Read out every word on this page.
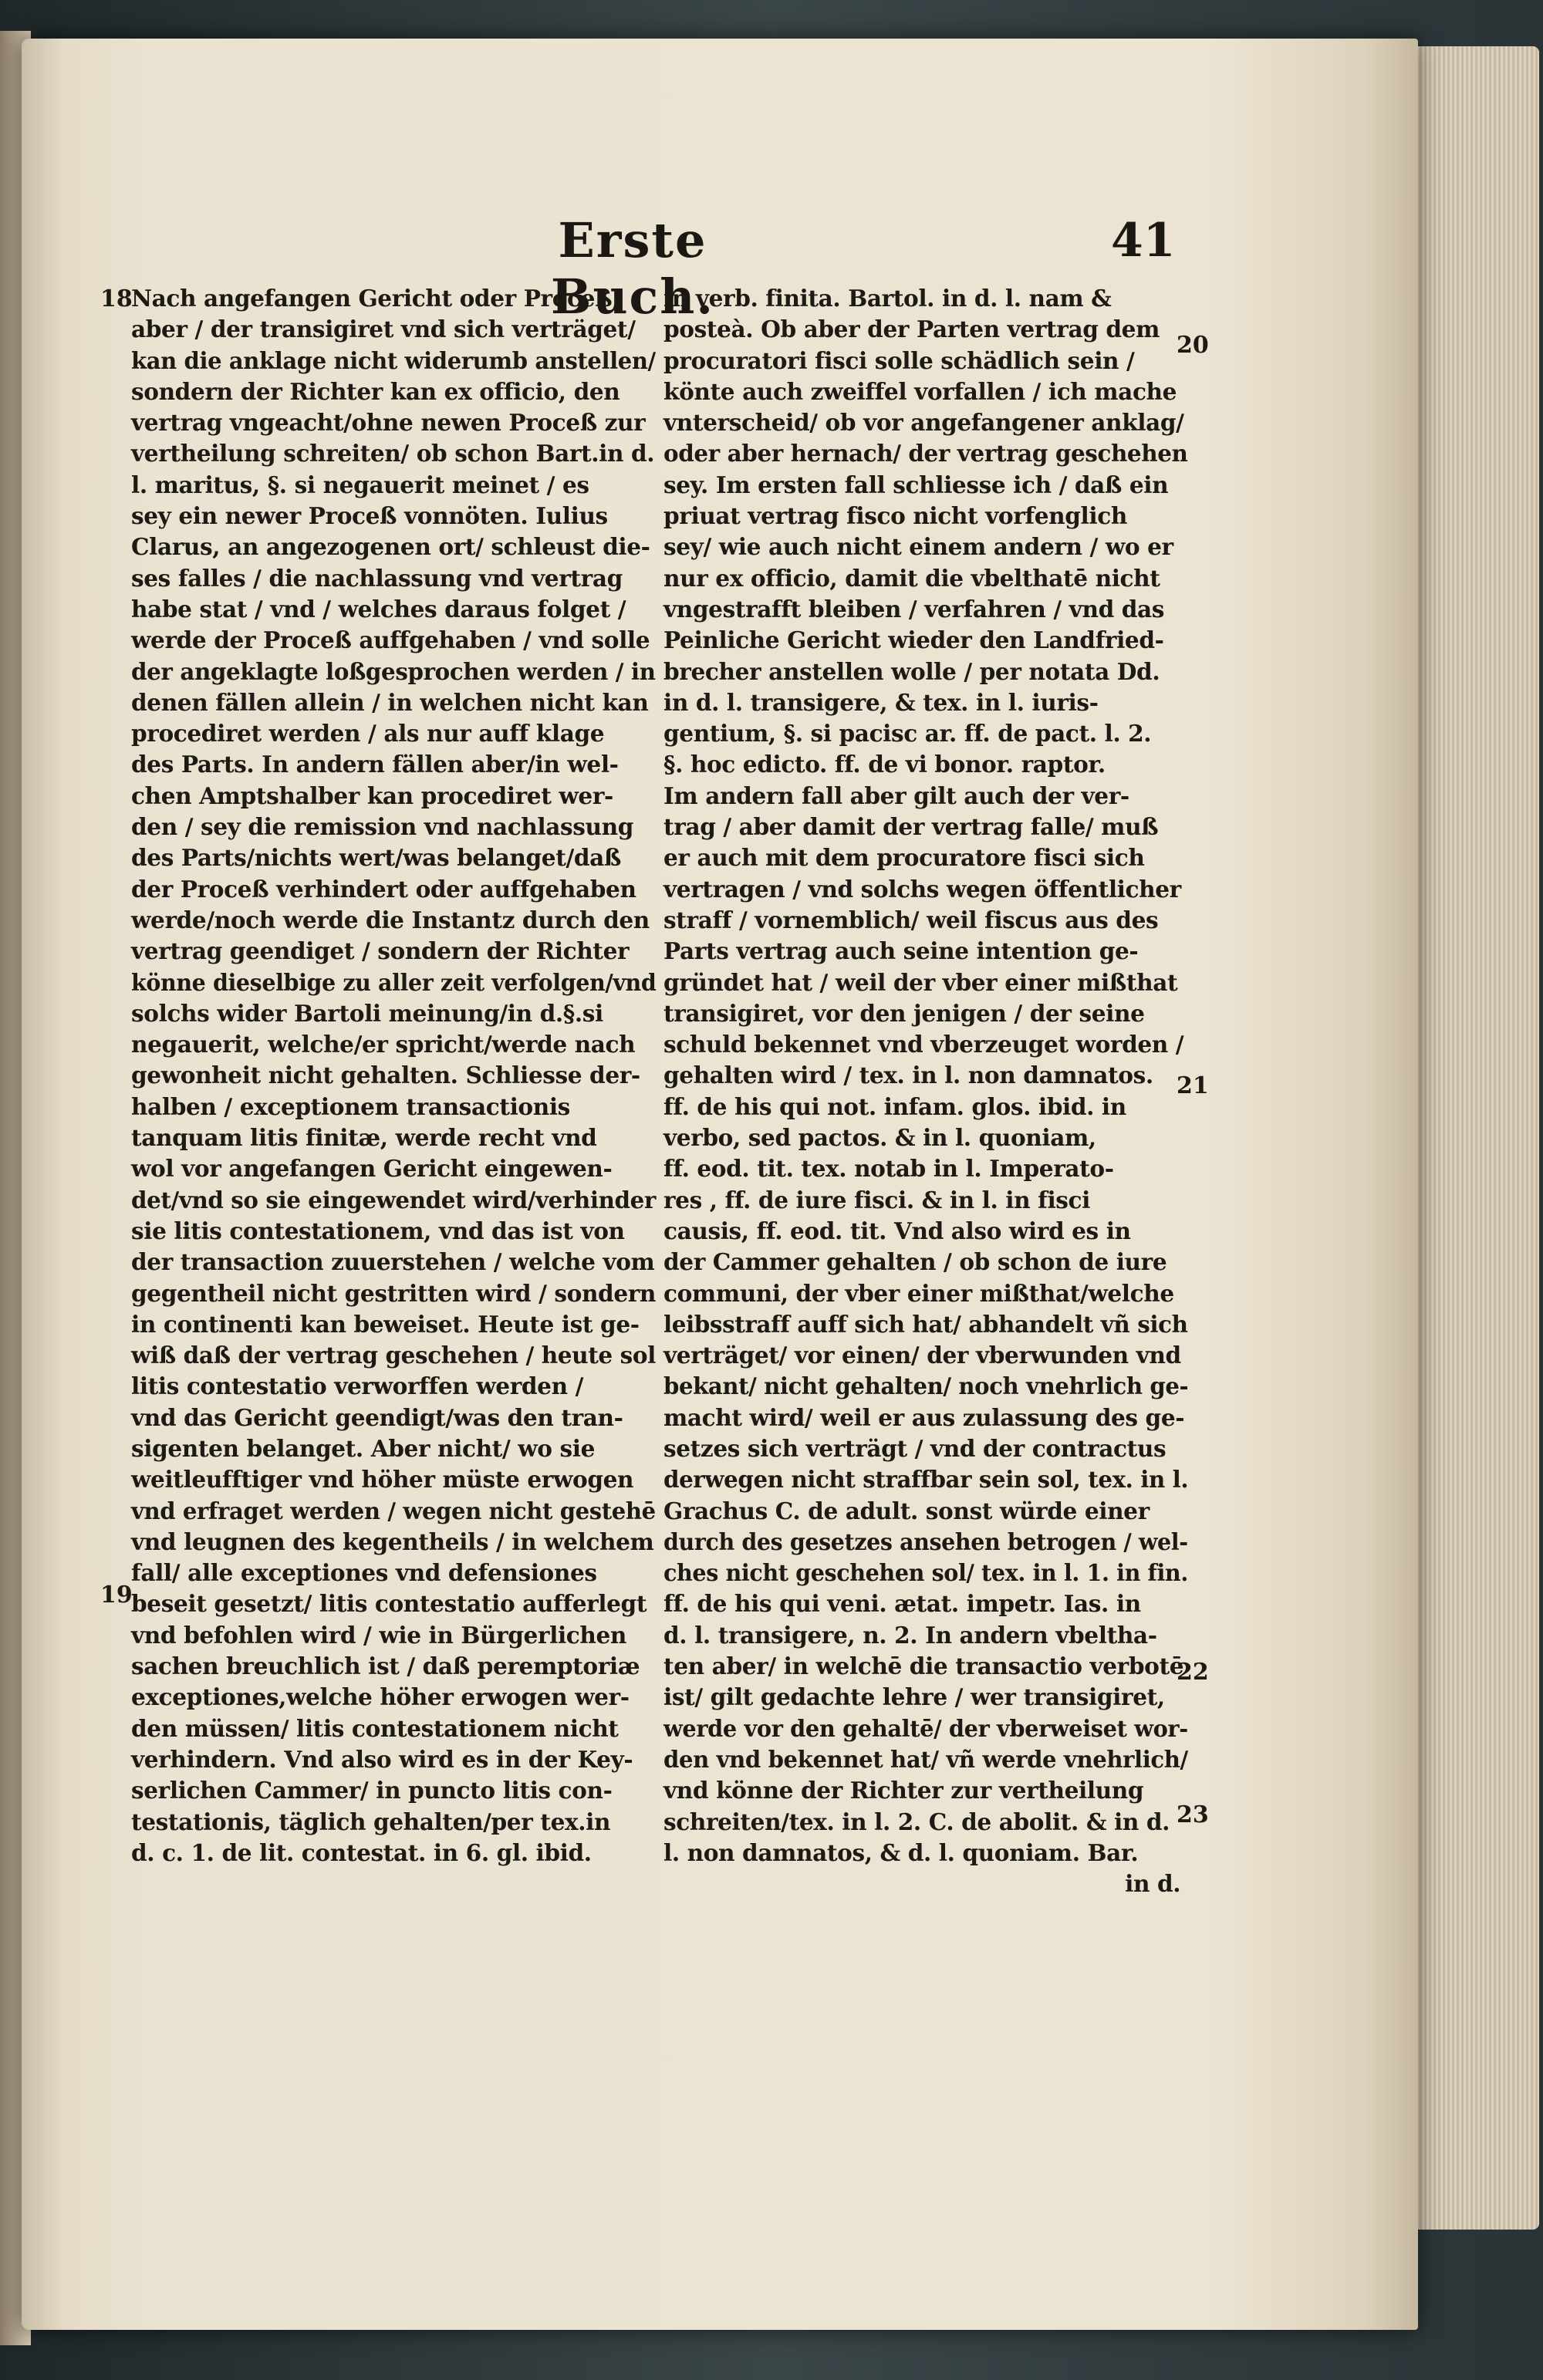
Erste Buch.
41
18
19
20
21
22
23
Nach angefangen Gericht oder Proceß
aber / der transigiret vnd sich verträget/
kan die anklage nicht widerumb anstellen/
sondern der Richter kan ex officio, den
vertrag vngeacht/ohne newen Proceß zur
vertheilung schreiten/ ob schon Bart.in d.
l. maritus, §. si negauerit meinet / es
sey ein newer Proceß vonnöten. Iulius
Clarus, an angezogenen ort/ schleust die-
ses falles / die nachlassung vnd vertrag
habe stat / vnd / welches daraus folget /
werde der Proceß auffgehaben / vnd solle
der angeklagte loßgesprochen werden / in
denen fällen allein / in welchen nicht kan
procediret werden / als nur auff klage
des Parts. In andern fällen aber/in wel-
chen Amptshalber kan procediret wer-
den / sey die remission vnd nachlassung
des Parts/nichts wert/was belanget/daß
der Proceß verhindert oder auffgehaben
werde/noch werde die Instantz durch den
vertrag geendiget / sondern der Richter
könne dieselbige zu aller zeit verfolgen/vnd
solchs wider Bartoli meinung/in d.§.si
negauerit, welche/er spricht/werde nach
gewonheit nicht gehalten. Schliesse der-
halben / exceptionem transactionis
tanquam litis finitæ, werde recht vnd
wol vor angefangen Gericht eingewen-
det/vnd so sie eingewendet wird/verhinder
sie litis contestationem, vnd das ist von
der transaction zuuerstehen / welche vom
gegentheil nicht gestritten wird / sondern
in continenti kan beweiset. Heute ist ge-
wiß daß der vertrag geschehen / heute sol
litis contestatio verworffen werden /
vnd das Gericht geendigt/was den tran-
sigenten belanget. Aber nicht/ wo sie
weitleufftiger vnd höher müste erwogen
vnd erfraget werden / wegen nicht gestehē
vnd leugnen des kegentheils / in welchem
fall/ alle exceptiones vnd defensiones
beseit gesetzt/ litis contestatio aufferlegt
vnd befohlen wird / wie in Bürgerlichen
sachen breuchlich ist / daß peremptoriæ
exceptiones,welche höher erwogen wer-
den müssen/ litis contestationem nicht
verhindern. Vnd also wird es in der Key-
serlichen Cammer/ in puncto litis con-
testationis, täglich gehalten/per tex.in
d. c. 1. de lit. contestat. in 6. gl. ibid.
in verb. finita. Bartol. in d. l. nam &
posteà. Ob aber der Parten vertrag dem
procuratori fisci solle schädlich sein /
könte auch zweiffel vorfallen / ich mache
vnterscheid/ ob vor angefangener anklag/
oder aber hernach/ der vertrag geschehen
sey. Im ersten fall schliesse ich / daß ein
priuat vertrag fisco nicht vorfenglich
sey/ wie auch nicht einem andern / wo er
nur ex officio, damit die vbelthatē nicht
vngestrafft bleiben / verfahren / vnd das
Peinliche Gericht wieder den Landfried-
brecher anstellen wolle / per notata Dd.
in d. l. transigere, & tex. in l. iuris-
gentium, §. si pacisc ar. ff. de pact. l. 2.
§. hoc edicto. ff. de vi bonor. raptor.
Im andern fall aber gilt auch der ver-
trag / aber damit der vertrag falle/ muß
er auch mit dem procuratore fisci sich
vertragen / vnd solchs wegen öffentlicher
straff / vornemblich/ weil fiscus aus des
Parts vertrag auch seine intention ge-
gründet hat / weil der vber einer mißthat
transigiret, vor den jenigen / der seine
schuld bekennet vnd vberzeuget worden /
gehalten wird / tex. in l. non damnatos.
ff. de his qui not. infam. glos. ibid. in
verbo, sed pactos. & in l. quoniam,
ff. eod. tit. tex. notab in l. Imperato-
res , ff. de iure fisci. & in l. in fisci
causis, ff. eod. tit. Vnd also wird es in
der Cammer gehalten / ob schon de iure
communi, der vber einer mißthat/welche
leibsstraff auff sich hat/ abhandelt vñ sich
verträget/ vor einen/ der vberwunden vnd
bekant/ nicht gehalten/ noch vnehrlich ge-
macht wird/ weil er aus zulassung des ge-
setzes sich verträgt / vnd der contractus
derwegen nicht straffbar sein sol, tex. in l.
Grachus C. de adult. sonst würde einer
durch des gesetzes ansehen betrogen / wel-
ches nicht geschehen sol/ tex. in l. 1. in fin.
ff. de his qui veni. ætat. impetr. Ias. in
d. l. transigere, n. 2. In andern vbeltha-
ten aber/ in welchē die transactio verbotē
ist/ gilt gedachte lehre / wer transigiret,
werde vor den gehaltē/ der vberweiset wor-
den vnd bekennet hat/ vñ werde vnehrlich/
vnd könne der Richter zur vertheilung
schreiten/tex. in l. 2. C. de abolit. & in d.
l. non damnatos, & d. l. quoniam. Bar.
in d.
